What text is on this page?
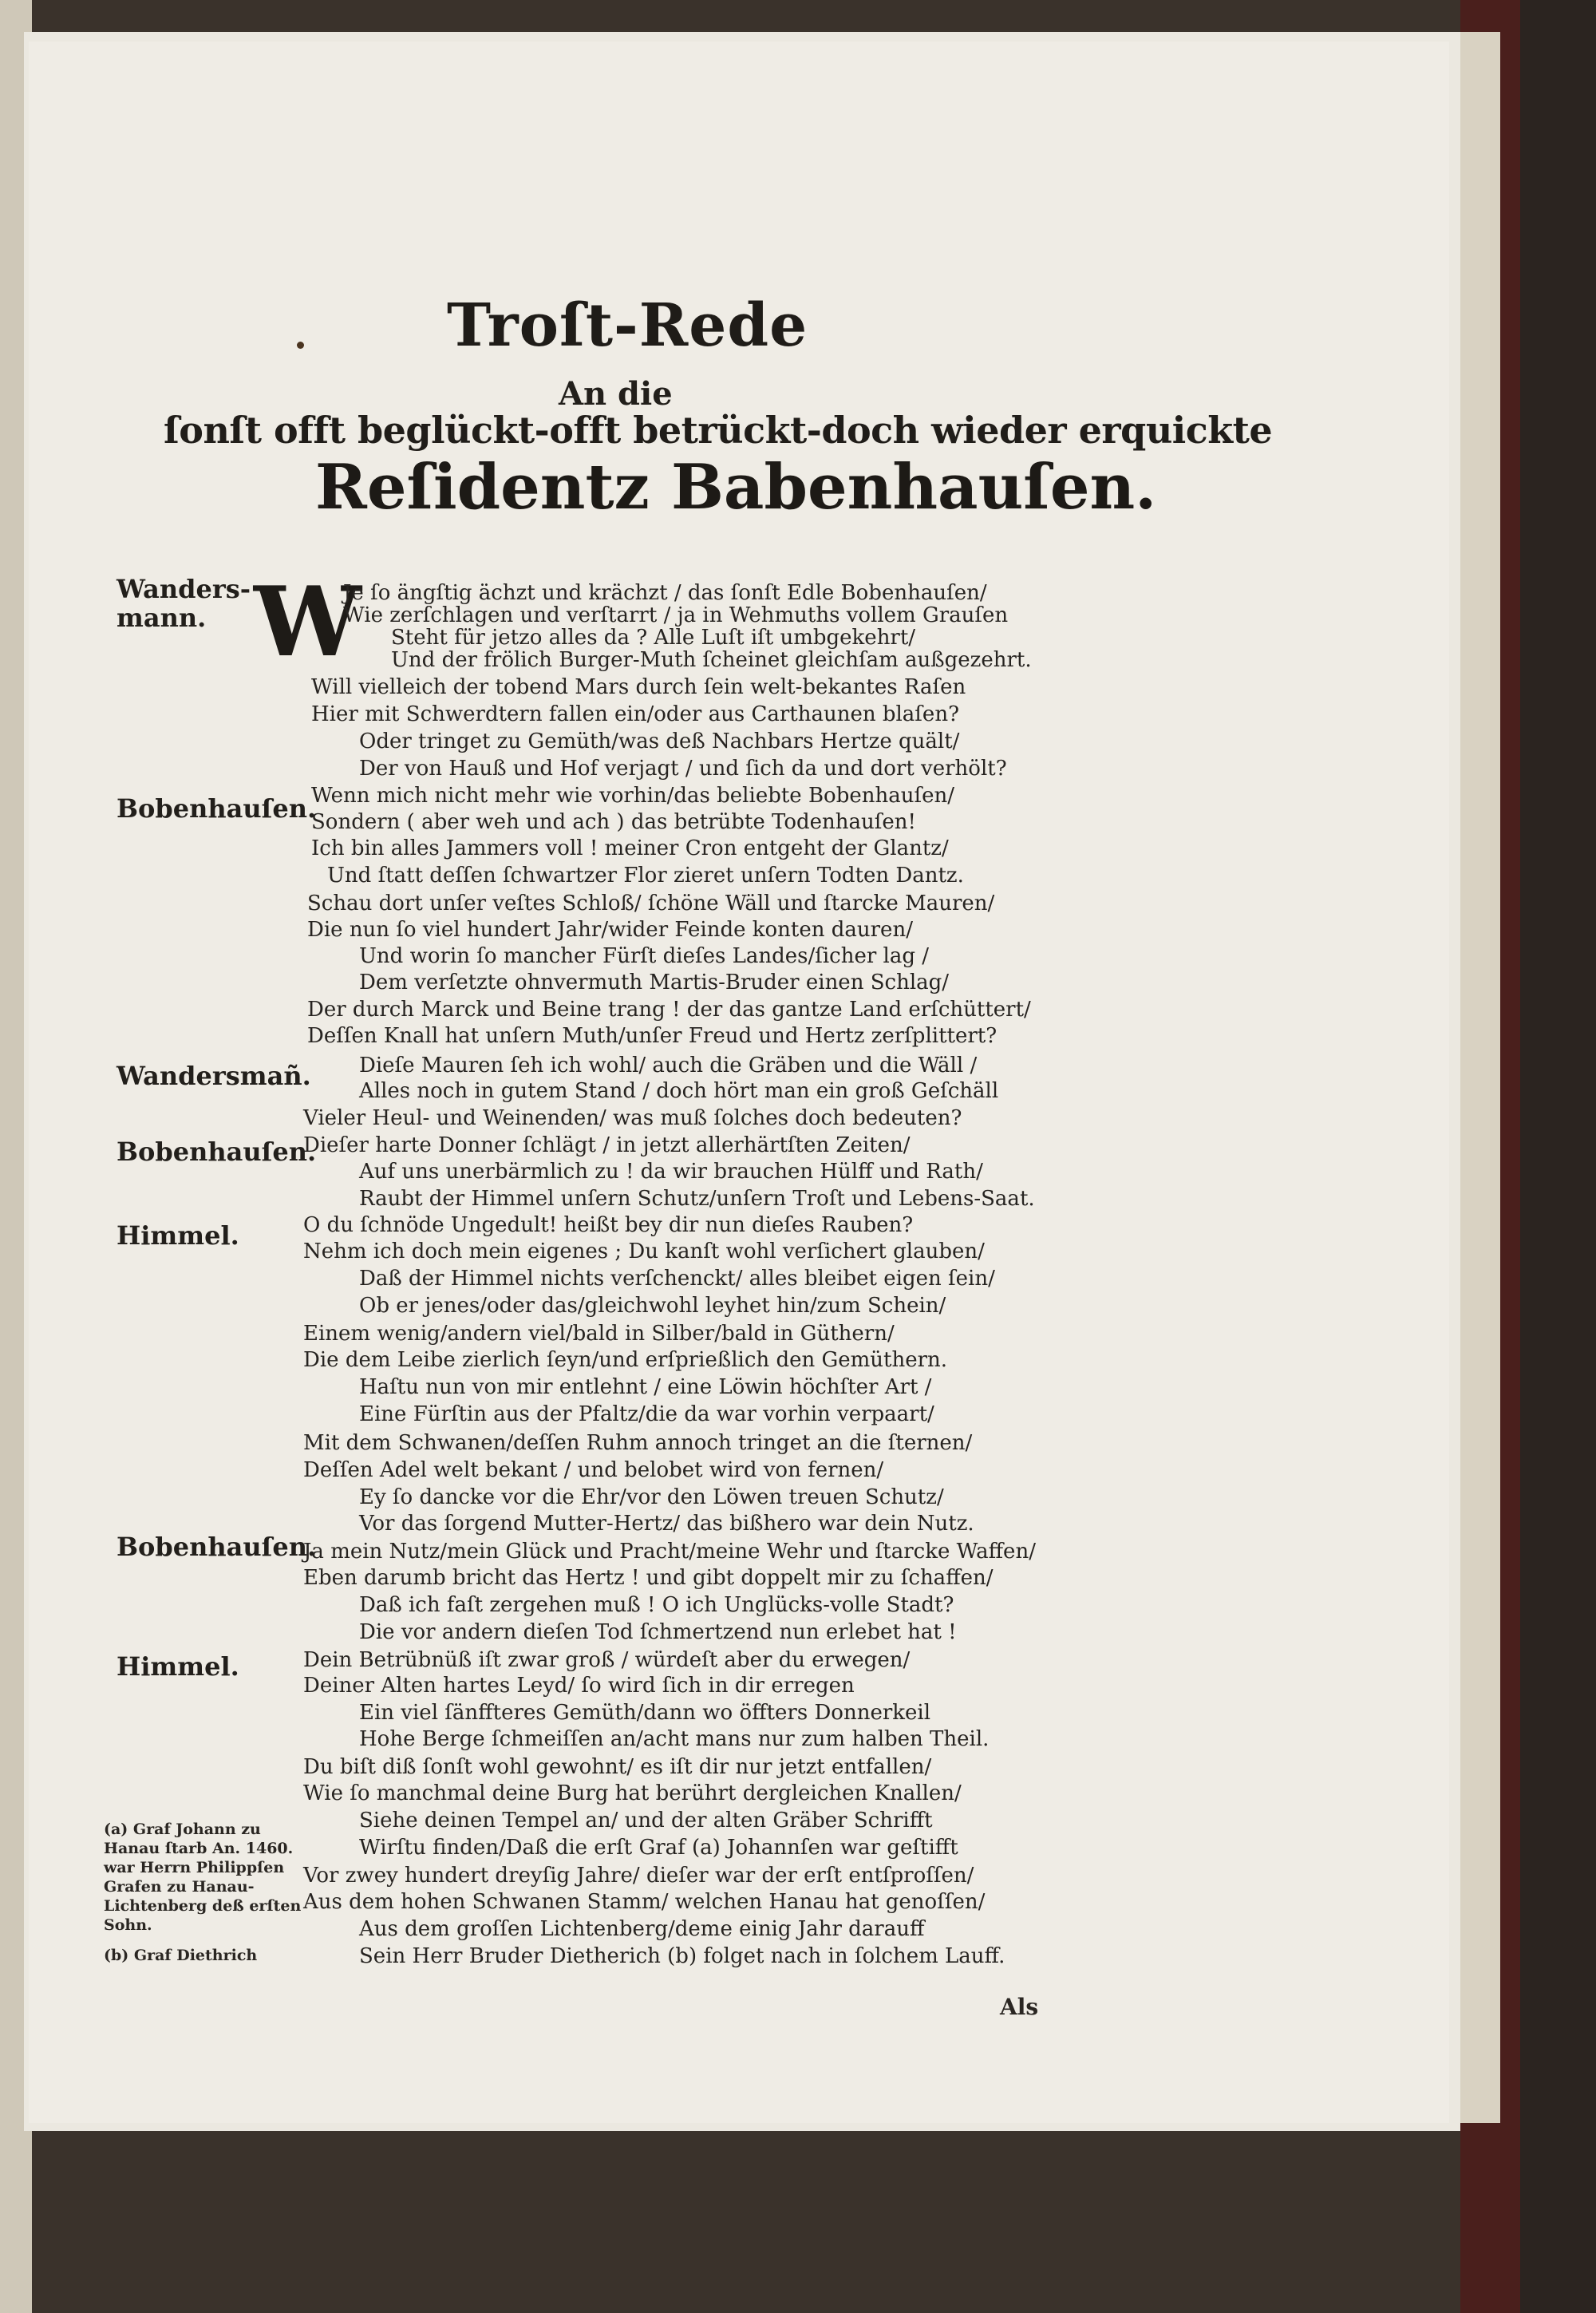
Troſt-Rede
An die
ſonſt offt beglückt-offt betrückt-doch wieder erquickte
Reſidentz Babenhauſen.
Wanders-
mann.
Bobenhauſen.
Wandersmañ.
Bobenhauſen.
Himmel.
Bobenhauſen.
Himmel.
W
Je ſo ängſtig ächzt und krächzt / das ſonſt Edle Bobenhauſen/
Wie zerſchlagen und verſtarrt / ja in Wehmuths vollem Grauſen
Steht für jetzo alles da ? Alle Luſt iſt umbgekehrt/
Und der frölich Burger-Muth ſcheinet gleichſam außgezehrt.
Will vielleich der tobend Mars durch ſein welt-bekantes Raſen
Hier mit Schwerdtern fallen ein/oder aus Carthaunen blaſen?
Oder tringet zu Gemüth/was deß Nachbars Hertze quält/
Der von Hauß und Hof verjagt / und ſich da und dort verhölt?
Wenn mich nicht mehr wie vorhin/das beliebte Bobenhauſen/
Sondern ( aber weh und ach ) das betrübte Todenhauſen!
Ich bin alles Jammers voll ! meiner Cron entgeht der Glantz/
Und ſtatt deſſen ſchwartzer Flor zieret unſern Todten Dantz.
Schau dort unſer veſtes Schloß/ ſchöne Wäll und ſtarcke Mauren/
Die nun ſo viel hundert Jahr/wider Feinde konten dauren/
Und worin ſo mancher Fürſt dieſes Landes/ſicher lag /
Dem verſetzte ohnvermuth Martis-Bruder einen Schlag/
Der durch Marck und Beine trang ! der das gantze Land erſchüttert/
Deſſen Knall hat unſern Muth/unſer Freud und Hertz zerſplittert?
Dieſe Mauren ſeh ich wohl/ auch die Gräben und die Wäll /
Alles noch in gutem Stand / doch hört man ein groß Geſchäll
Vieler Heul- und Weinenden/ was muß ſolches doch bedeuten?
Dieſer harte Donner ſchlägt / in jetzt allerhärtſten Zeiten/
Auf uns unerbärmlich zu ! da wir brauchen Hülff und Rath/
Raubt der Himmel unſern Schutz/unſern Troſt und Lebens-Saat.
O du ſchnöde Ungedult! heißt bey dir nun dieſes Rauben?
Nehm ich doch mein eigenes ; Du kanſt wohl verſichert glauben/
Daß der Himmel nichts verſchenckt/ alles bleibet eigen ſein/
Ob er jenes/oder das/gleichwohl leyhet hin/zum Schein/
Einem wenig/andern viel/bald in Silber/bald in Güthern/
Die dem Leibe zierlich ſeyn/und erſprießlich den Gemüthern.
Haſtu nun von mir entlehnt / eine Löwin höchſter Art /
Eine Fürſtin aus der Pfaltz/die da war vorhin verpaart/
Mit dem Schwanen/deſſen Ruhm annoch tringet an die ſternen/
Deſſen Adel welt bekant / und belobet wird von fernen/
Ey ſo dancke vor die Ehr/vor den Löwen treuen Schutz/
Vor das ſorgend Mutter-Hertz/ das bißhero war dein Nutz.
Ja mein Nutz/mein Glück und Pracht/meine Wehr und ſtarcke Waffen/
Eben darumb bricht das Hertz ! und gibt doppelt mir zu ſchaffen/
Daß ich faſt zergehen muß ! O ich Unglücks-volle Stadt?
Die vor andern dieſen Tod ſchmertzend nun erlebet hat !
Dein Betrübnüß iſt zwar groß / würdeſt aber du erwegen/
Deiner Alten hartes Leyd/ ſo wird ſich in dir erregen
Ein viel ſänffteres Gemüth/dann wo öffters Donnerkeil
Hohe Berge ſchmeiſſen an/acht mans nur zum halben Theil.
Du biſt diß ſonſt wohl gewohnt/ es iſt dir nur jetzt entfallen/
Wie ſo manchmal deine Burg hat berührt dergleichen Knallen/
Siehe deinen Tempel an/ und der alten Gräber Schrifft
Wirſtu finden/Daß die erſt Graf (a) Johannſen war geſtifft
Vor zwey hundert dreyſig Jahre/ dieſer war der erſt entſproſſen/
Aus dem hohen Schwanen Stamm/ welchen Hanau hat genoſſen/
Aus dem groſſen Lichtenberg/deme einig Jahr darauff
Sein Herr Bruder Dietherich (b) folget nach in ſolchem Lauff.
(a) Graf Johann zu
Hanau ſtarb An. 1460.
war Herrn Philippſen
Grafen zu Hanau-
Lichtenberg deß erſten
Sohn.
(b) Graf Diethrich
Als
